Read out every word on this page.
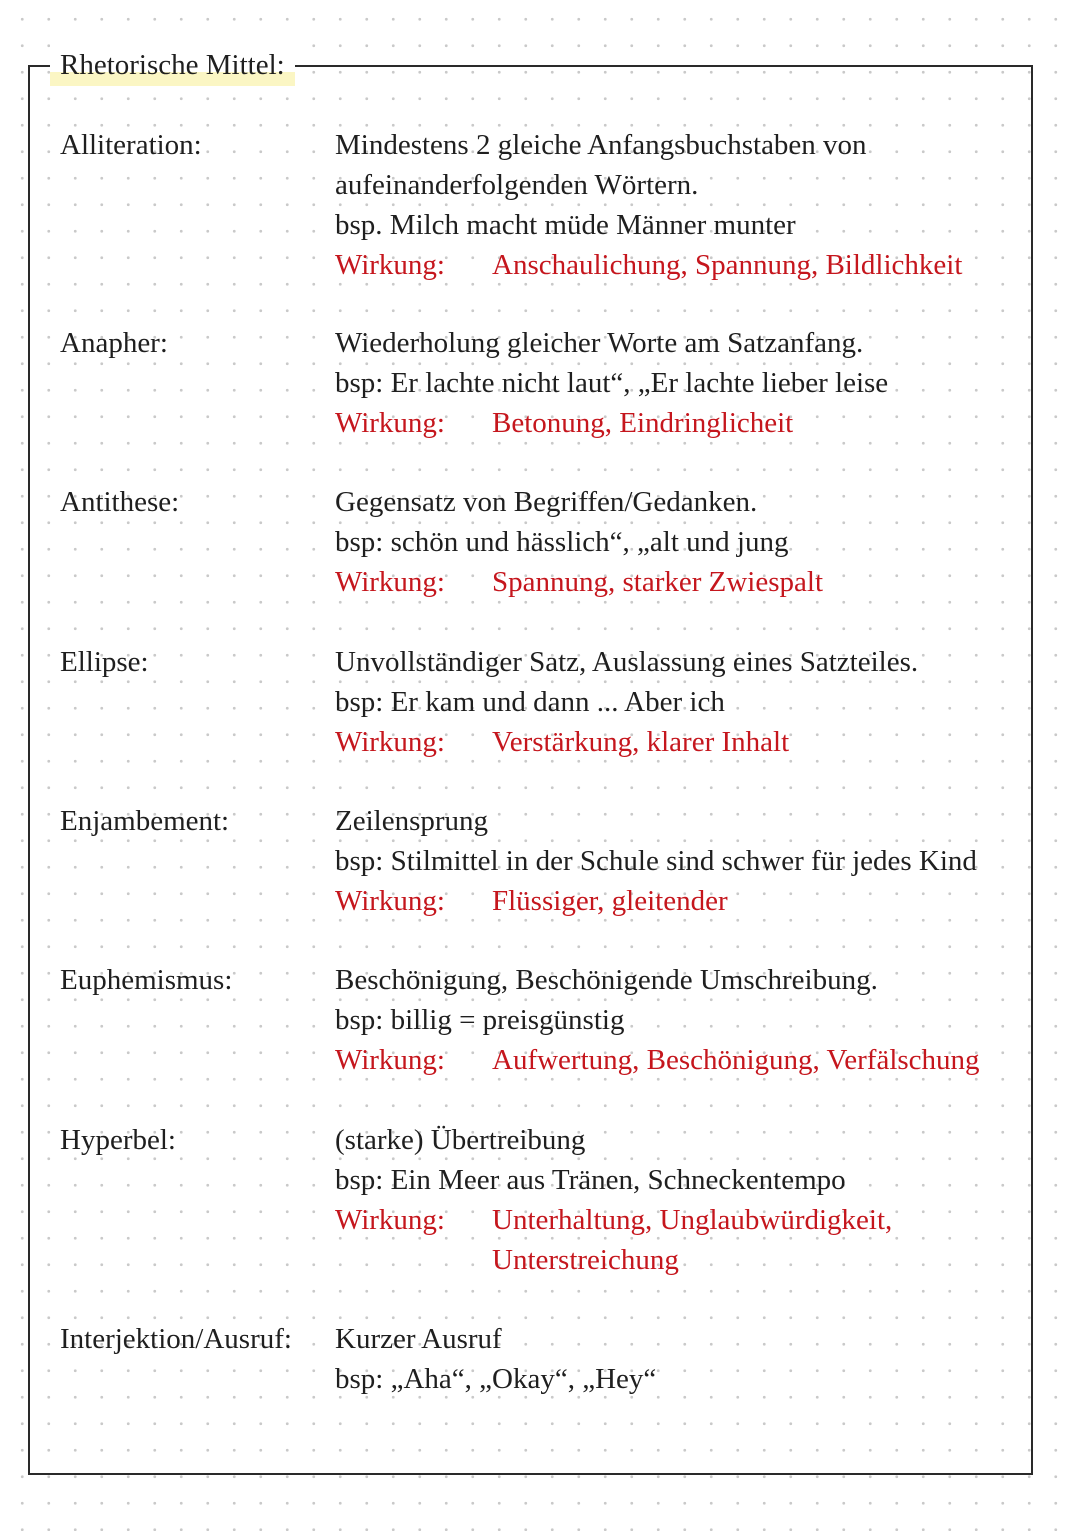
Rhetorische Mittel:
Alliteration:	Mindestens 2 gleiche Anfangsbuchstaben von
aufeinanderfolgenden Wörtern.
bsp. Milch macht müde Männer munter
Wirkung: Anschaulichung, Spannung, Bildlichkeit
Anapher:	Wiederholung gleicher Worte am Satzanfang.
bsp: Er lachte nicht laut“, „Er lachte lieber leise
Wirkung: Betonung, Eindringlicheit
Antithese:	Gegensatz von Begriffen/Gedanken.
bsp: schön und hässlich“, „alt und jung
Wirkung: Spannung, starker Zwiespalt
Ellipse:	Unvollständiger Satz, Auslassung eines Satzteiles.
bsp: Er kam und dann ... Aber ich
Wirkung: Verstärkung, klarer Inhalt
Enjambement:	Zeilensprung
bsp: Stilmittel in der Schule sind schwer für jedes Kind
Wirkung: Flüssiger, gleitender
Euphemismus:	Beschönigung, Beschönigende Umschreibung.
bsp: billig = preisgünstig
Wirkung: Aufwertung, Beschönigung, Verfälschung
Hyperbel:	(starke) Übertreibung
bsp: Ein Meer aus Tränen, Schneckentempo
Wirkung: Unterhaltung, Unglaubwürdigkeit,
Unterstreichung
Interjektion/Ausruf: Kurzer Ausruf
bsp: „Aha“, „Okay“, „Hey“
